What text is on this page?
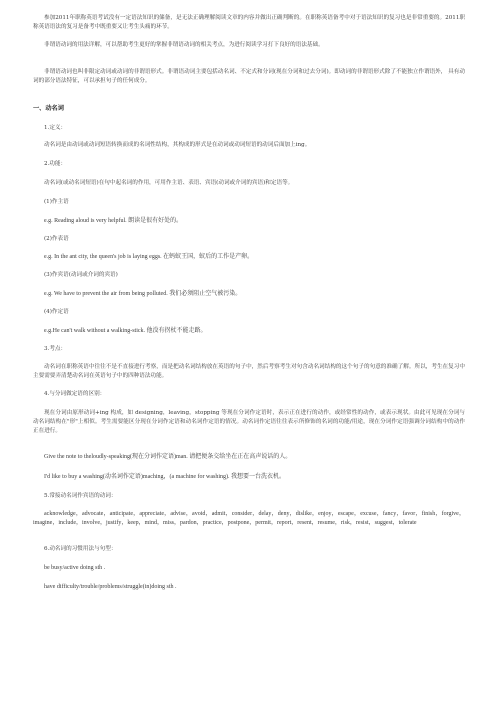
参加2011年职称英语考试没有一定语法知识的储备，是无法正确理解阅读文章的内容并做出正确判断的。在职称英语备考中对于语法知识的复习也是非常重要的。2011职称英语语法的复习是备考中既重要又让考生头痛的环节。

非谓语动词的用法详解，可以帮助考生更好的掌握非谓语动词的相关考点，为进行阅读学习打下良好的语法基础。

非谓语动词也叫非限定动词或动词的非谓语形式。非谓语动词主要包括动名词、不定式和分词(现在分词和过去分词)。即动词的非谓语形式除了不能独立作谓语外， 具有动词的部分语法特征，可以承担句子的任何成分。

一、动名词

1.定义：

动名词是由动词或动词短语转换而成的名词性结构，其构成的形式是在动词或动词短语的动词后面加上ing。

2.功能：

动名词(或动名词短语)在句中起名词的作用，可用作主语、表语、宾语(动词或介词的宾语)和定语等。

(1)作主语

e.g. Reading aloud is very helpful. 朗读是很有好处的。

(2)作表语

e.g. In the ant city, the queen's job is laying eggs. 在蚂蚁王国，蚁后的工作是产卵。

(3)作宾语(动词或介词的宾语)

e.g. We have to prevent the air from being polluted. 我们必须阻止空气被污染。

(4)作定语

e.g.He can't walk without a walking-stick. 他没有拐杖不能走路。

3.考点：

动名词在职称英语中往往不是不直接进行考察，而是把动名词结构放在英语的句子中，然后考察考生对句含动名词结构的这个句子的句意的准确了解。所以，考生在复习中主要需要弄清楚动名词在英语句子中的四种语法功能。

4.与分词做定语的区别：

现在分词由原形动词+ing 构成，如 designing，leaving，stopping 等现在分词作定语时，表示正在进行的动作，或经常性的动作，或表示现状。由此可见现在分词与动名词结构在"形"上相似。考生需要能区分现在分词作定语和动名词作定语的情况。动名词作定语往往表示所修饰的名词的功能/用途，现在分词作定语强调分词结构中的动作正在进行。

Give the note to theloudly-speaking(现在分词作定语)man. 请把便条交给坐在正在高声说话的人。

I'd like to buy a washing(动名词作定语)maching，(a machine for washing). 我想要一台洗衣机。

5.常接动名词作宾语的动词：

acknowledge，advocate，anticipate，appreciate，advise，avoid，admit，consider，delay，deny，dislike，enjoy，escape，excuse，fancy，favor，finish，forgive，imagine，include，involve，justify，keep，mind，miss，pardon，practice，postpone，permit，report，resent，resume，risk，resist，suggest，tolerate

6.动名词的习惯用法与句型：

be busy/active doing sth .

have difficulty/trouble/problems/struggle(in)doing sth .
